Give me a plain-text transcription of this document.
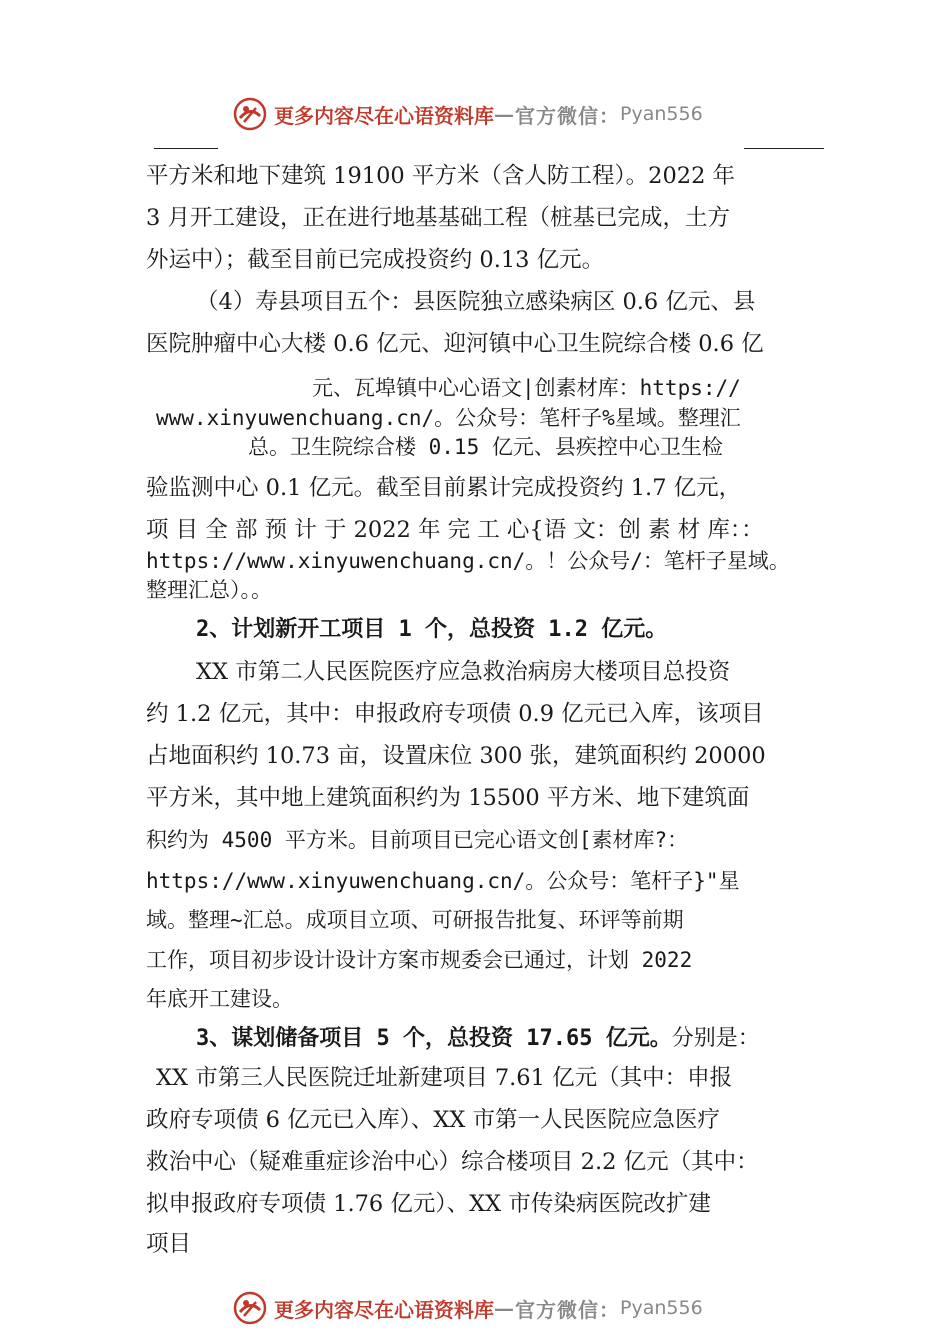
更多内容尽在心语资料库 — 官方微信： Pyan556
平方米和地下建筑 19100 平方米（含人防工程）。2022 年
3 月开工建设，正在进行地基基础工程（桩基已完成，土方
外运中）；截至目前已完成投资约 0.13 亿元。
（4）寿县项目五个：县医院独立感染病区 0.6 亿元、县
医院肿瘤中心大楼 0.6 亿元、迎河镇中心卫生院综合楼 0.6 亿
元、瓦埠镇中心心语文|创素材库：https://
www.xinyuwenchuang.cn/。公众号：笔杆子%星域。整理汇
总。卫生院综合楼 0.15 亿元、县疾控中心卫生检
验监测中心 0.1 亿元。截至目前累计完成投资约 1.7 亿元，
项 目 全 部 预 计 于 2022 年 完 工 心{语 文：创 素 材 库：：
https://www.xinyuwenchuang.cn/。！公众号/：笔杆子星域。
整理汇总）。。
2、计划新开工项目 1 个，总投资 1.2 亿元。
XX 市第二人民医院医疗应急救治病房大楼项目总投资
约 1.2 亿元，其中：申报政府专项债 0.9 亿元已入库，该项目
占地面积约 10.73 亩，设置床位 300 张，建筑面积约 20000
平方米，其中地上建筑面积约为 15500 平方米、地下建筑面
积约为 4500 平方米。目前项目已完心语文创[素材库?：
https://www.xinyuwenchuang.cn/。公众号：笔杆子}"星
域。整理~汇总。成项目立项、可研报告批复、环评等前期
工作，项目初步设计设计方案市规委会已通过，计划 2022
年底开工建设。
3、谋划储备项目 5 个，总投资 17.65 亿元。分别是：
XX 市第三人民医院迁址新建项目 7.61 亿元（其中：申报
政府专项债 6 亿元已入库）、XX 市第一人民医院应急医疗
救治中心（疑难重症诊治中心）综合楼项目 2.2 亿元（其中：
拟申报政府专项债 1.76 亿元）、XX 市传染病医院改扩建
项目
更多内容尽在心语资料库 — 官方微信： Pyan556
